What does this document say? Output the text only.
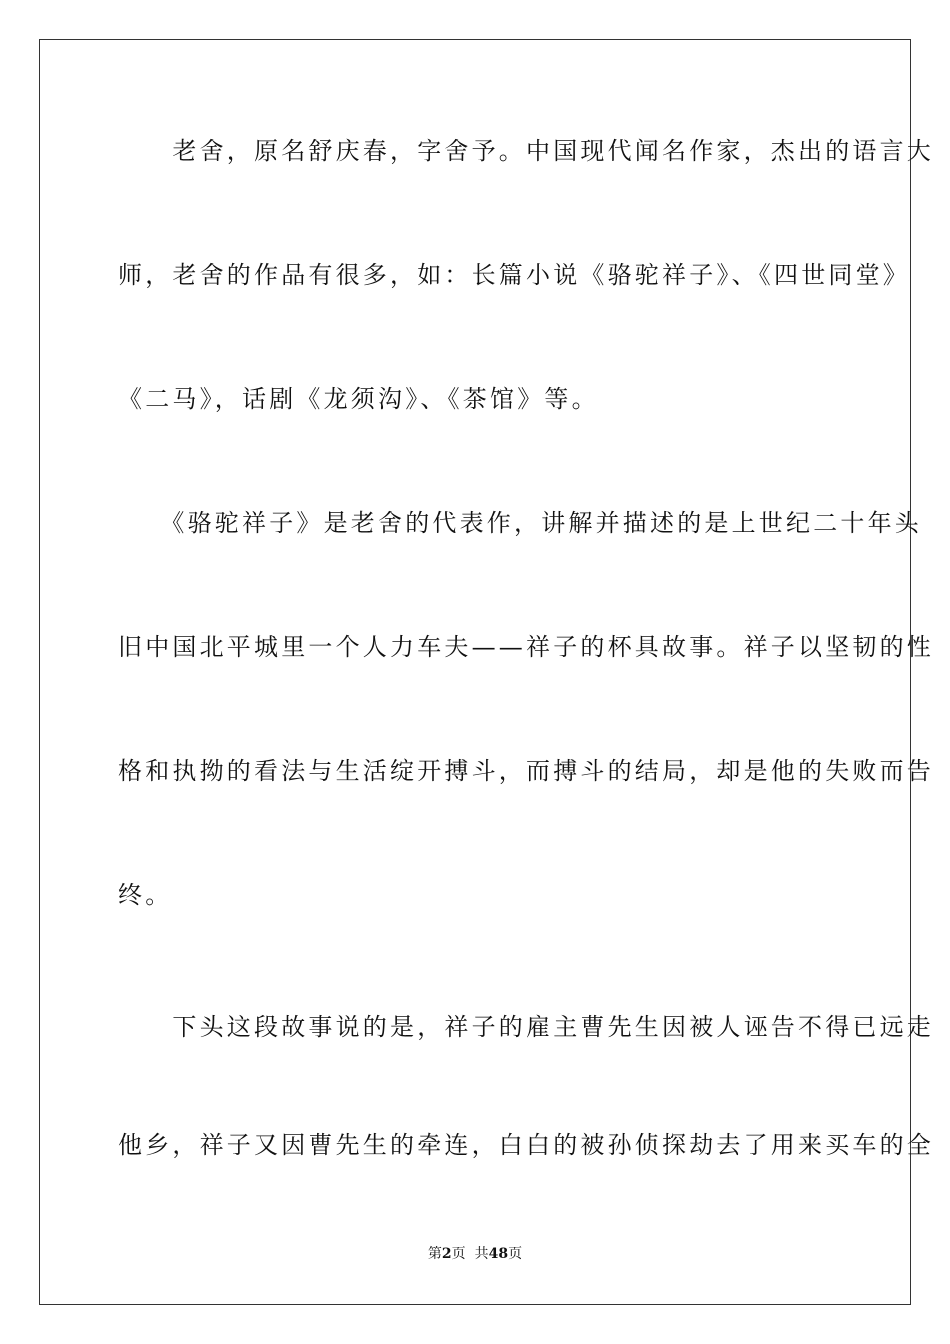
　　老舍，原名舒庆春，字舍予。中国现代闻名作家，杰出的语言大
师，老舍的作品有很多，如：长篇小说《骆驼祥子》、《四世同堂》
《二马》，话剧《龙须沟》、《茶馆》等。
　　《骆驼祥子》是老舍的代表作，讲解并描述的是上世纪二十年头
旧中国北平城里一个人力车夫——祥子的杯具故事。祥子以坚韧的性
格和执拗的看法与生活绽开搏斗，而搏斗的结局，却是他的失败而告
终。
　　下头这段故事说的是，祥子的雇主曹先生因被人诬告不得已远走
他乡，祥子又因曹先生的牵连，白白的被孙侦探劫去了用来买车的全
第2页  共48页
